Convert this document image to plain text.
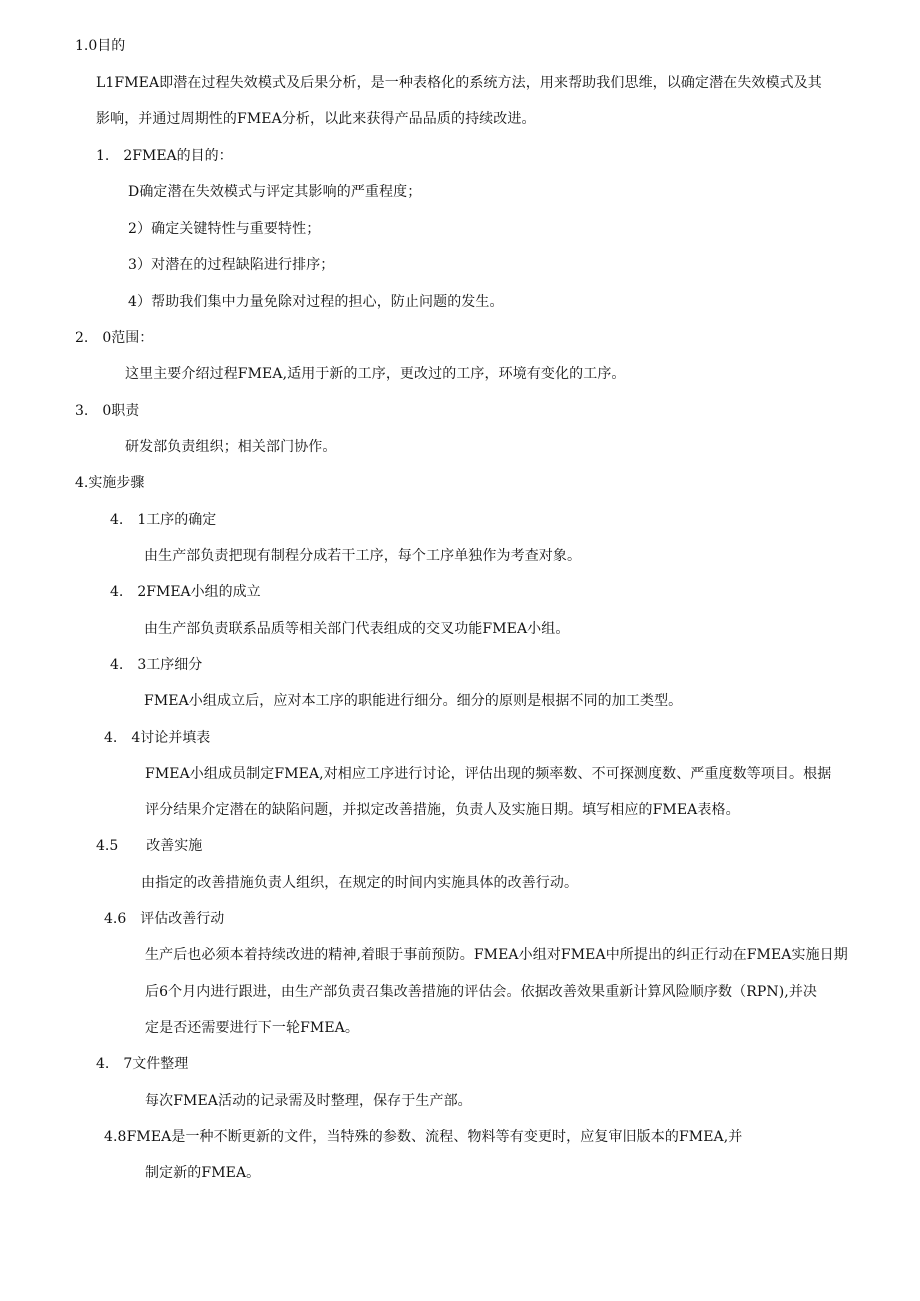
1.0目的
L1FMEA即潜在过程失效模式及后果分析，是一种表格化的系统方法，用来帮助我们思维，以确定潜在失效模式及其
影响，并通过周期性的FMEA分析，以此来获得产品品质的持续改进。
1.　2FMEA的目的：
D确定潜在失效模式与评定其影响的严重程度；
2）确定关键特性与重要特性；
3）对潜在的过程缺陷进行排序；
4）帮助我们集中力量免除对过程的担心，防止问题的发生。
2.　0范围：
这里主要介绍过程FMEA,适用于新的工序，更改过的工序，环境有变化的工序。
3.　0职责
研发部负责组织；相关部门协作。
4.实施步骤
4.　1工序的确定
由生产部负责把现有制程分成若干工序，每个工序单独作为考查对象。
4.　2FMEA小组的成立
由生产部负责联系品质等相关部门代表组成的交叉功能FMEA小组。
4.　3工序细分
FMEA小组成立后，应对本工序的职能进行细分。细分的原则是根据不同的加工类型。
4.　4讨论并填表
FMEA小组成员制定FMEA,对相应工序进行讨论，评估出现的频率数、不可探测度数、严重度数等项目。根据
评分结果介定潜在的缺陷问题，并拟定改善措施，负责人及实施日期。填写相应的FMEA表格。
4.5　　改善实施
由指定的改善措施负责人组织，在规定的时间内实施具体的改善行动。
4.6　评估改善行动
生产后也必须本着持续改进的精神,着眼于事前预防。FMEA小组对FMEA中所提出的纠正行动在FMEA实施日期
后6个月内进行跟进，由生产部负责召集改善措施的评估会。依据改善效果重新计算风险顺序数（RPN),并决
定是否还需要进行下一轮FMEA。
4.　7文件整理
每次FMEA活动的记录需及时整理，保存于生产部。
4.8FMEA是一种不断更新的文件，当特殊的参数、流程、物料等有变更时，应复审旧版本的FMEA,并
制定新的FMEA。
